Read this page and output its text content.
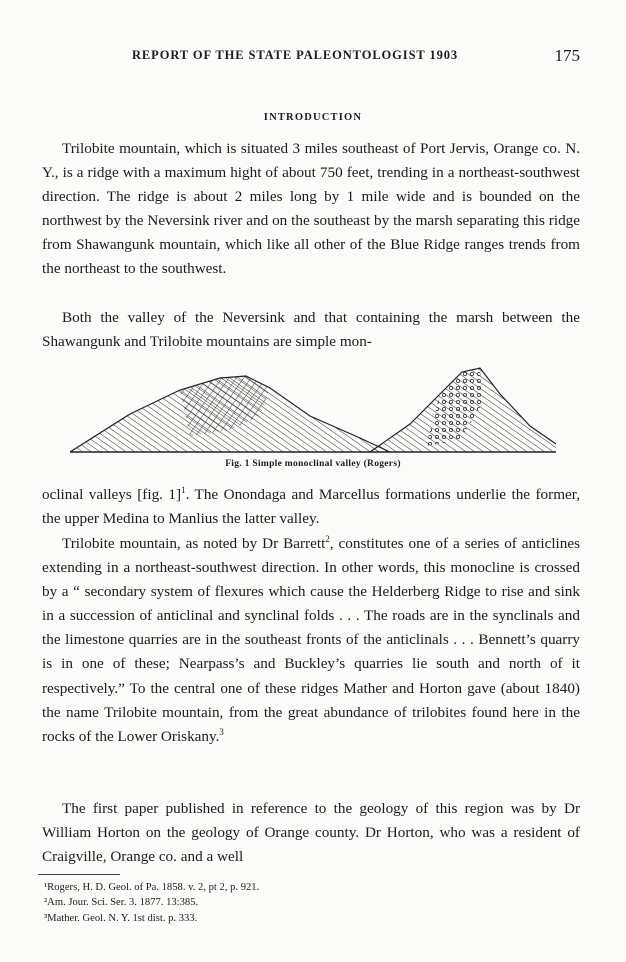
REPORT OF THE STATE PALEONTOLOGIST 1903	175
INTRODUCTION

Trilobite mountain, which is situated 3 miles southeast of Port Jervis, Orange co. N. Y., is a ridge with a maximum hight of about 750 feet, trending in a northeast-southwest direction. The ridge is about 2 miles long by 1 mile wide and is bounded on the northwest by the Neversink river and on the southeast by the marsh separating this ridge from Shawangunk mountain, which like all other of the Blue Ridge ranges trends from the northeast to the southwest.

Both the valley of the Neversink and that containing the marsh between the Shawangunk and Trilobite mountains are simple mon-

Fig. 1 Simple monoclinal valley (Rogers)

oclinal valleys [fig. 1]$^1$. The Onondaga and Marcellus formations underlie the former, the upper Medina to Manlius the latter valley.

Trilobite mountain, as noted by Dr Barrett$^2$, constitutes one of a series of anticlines extending in a northeast-southwest direction. In other words, this monocline is crossed by a “ secondary system of flexures which cause the Helderberg Ridge to rise and sink in a succession of anticlinal and synclinal folds . . . The roads are in the synclinals and the limestone quarries are in the southeast fronts of the anticlinals . . . Bennett’s quarry is in one of these; Nearpass’s and Buckley’s quarries lie south and north of it respectively.” To the central one of these ridges Mather and Horton gave (about 1840) the name Trilobite mountain, from the great abundance of trilobites found here in the rocks of the Lower Oriskany.$^3$

The first paper published in reference to the geology of this region was by Dr William Horton on the geology of Orange county. Dr Horton, who was a resident of Craigville, Orange co. and a well

¹Rogers, H. D. Geol. of Pa. 1858. v. 2, pt 2, p. 921.
²Am. Jour. Sci. Ser. 3. 1877. 13:385.
³Mather. Geol. N. Y. 1st dist. p. 333.
